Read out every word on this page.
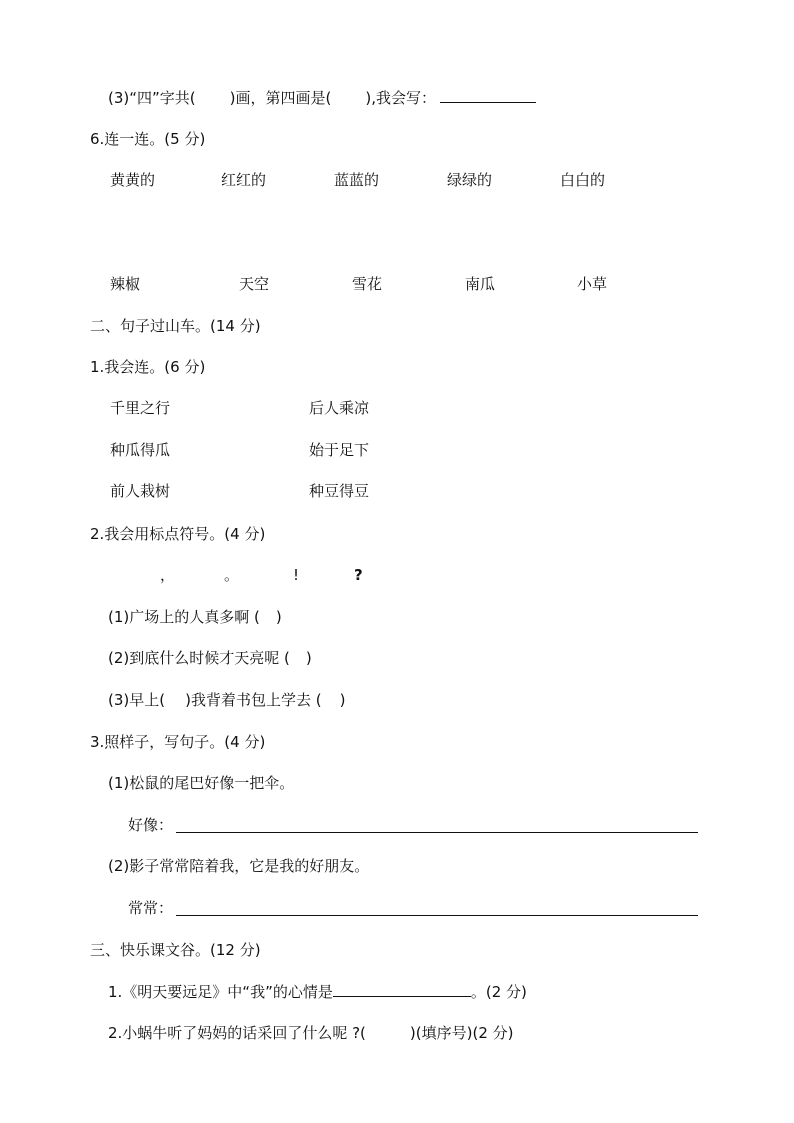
(3)“四”字共( )画，第四画是( ),我会写：
6.连一连。(5 分)
黄黄的	红红的	蓝蓝的	绿绿的	白白的
辣椒	天空	雪花	南瓜	小草
二、句子过山车。(14 分)
1.我会连。(6 分)
千里之行	后人乘凉
种瓜得瓜	始于足下
前人栽树	种豆得豆
2.我会用标点符号。(4 分)
，	。	!	?
(1)广场上的人真多啊 ( )
(2)到底什么时候才天亮呢 ( )
(3)早上( )我背着书包上学去 ( )
3.照样子，写句子。(4 分)
(1)松鼠的尾巴好像一把伞。
好像：
(2)影子常常陪着我，它是我的好朋友。
常常：
三、快乐课文谷。(12 分)
1.《明天要远足》中“我”的心情是	。(2 分)
2.小蜗牛听了妈妈的话采回了什么呢 ?(	)(填序号)(2 分)
